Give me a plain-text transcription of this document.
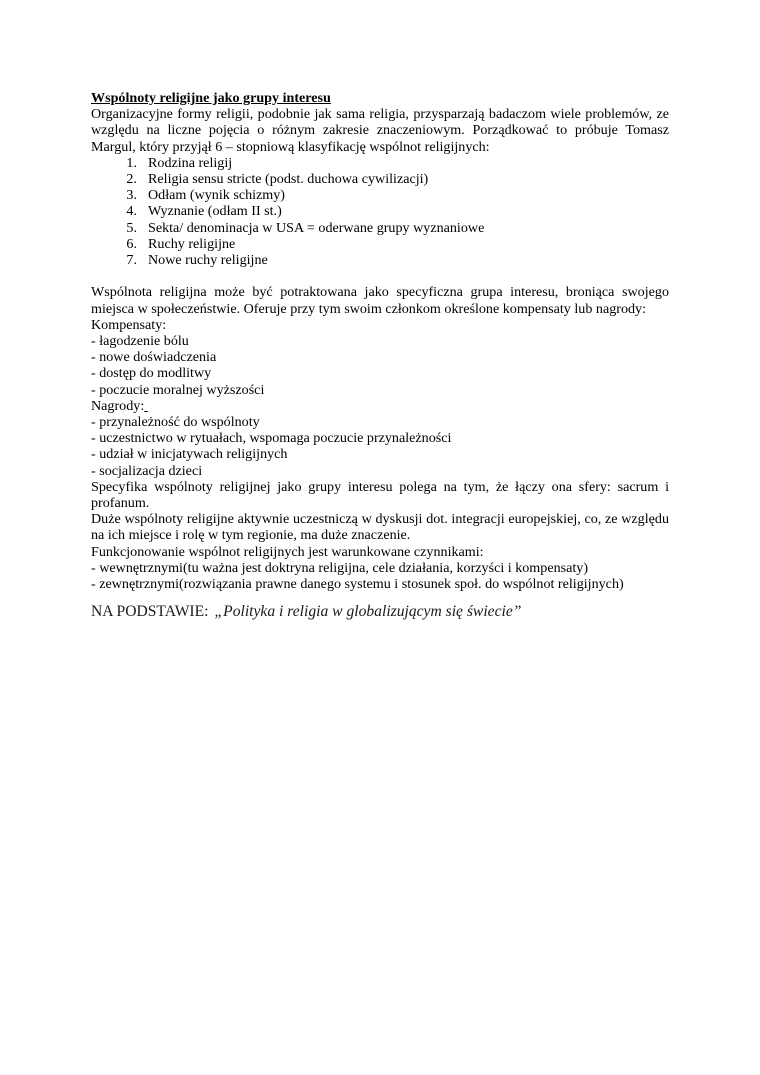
Wspólnoty religijne jako grupy interesu
Organizacyjne formy religii, podobnie jak sama religia, przysparzają badaczom wiele problemów, ze
względu na liczne pojęcia o różnym zakresie znaczeniowym. Porządkować to próbuje Tomasz
Margul, który przyjął 6 – stopniową klasyfikację wspólnot religijnych:
1. Rodzina religij
2. Religia sensu stricte (podst. duchowa cywilizacji)
3. Odłam (wynik schizmy)
4. Wyznanie (odłam II st.)
5. Sekta/ denominacja w USA = oderwane grupy wyznaniowe
6. Ruchy religijne
7. Nowe ruchy religijne
Wspólnota religijna może być potraktowana jako specyficzna grupa interesu, broniąca swojego
miejsca w społeczeństwie. Oferuje przy tym swoim członkom określone kompensaty lub nagrody:
Kompensaty:
- łagodzenie bólu
- nowe doświadczenia
- dostęp do modlitwy
- poczucie moralnej wyższości
Nagrody:
- przynależność do wspólnoty
- uczestnictwo w rytuałach, wspomaga poczucie przynależności
- udział w inicjatywach religijnych
- socjalizacja dzieci
Specyfika wspólnoty religijnej jako grupy interesu polega na tym, że łączy ona sfery: sacrum i
profanum.
Duże wspólnoty religijne aktywnie uczestniczą w dyskusji dot. integracji europejskiej, co, ze względu
na ich miejsce i rolę w tym regionie, ma duże znaczenie.
Funkcjonowanie wspólnot religijnych jest warunkowane czynnikami:
- wewnętrznymi(tu ważna jest doktryna religijna, cele działania, korzyści i kompensaty)
- zewnętrznymi(rozwiązania prawne danego systemu i stosunek społ. do wspólnot religijnych)
NA PODSTAWIE: „Polityka i religia w globalizującym się świecie”
